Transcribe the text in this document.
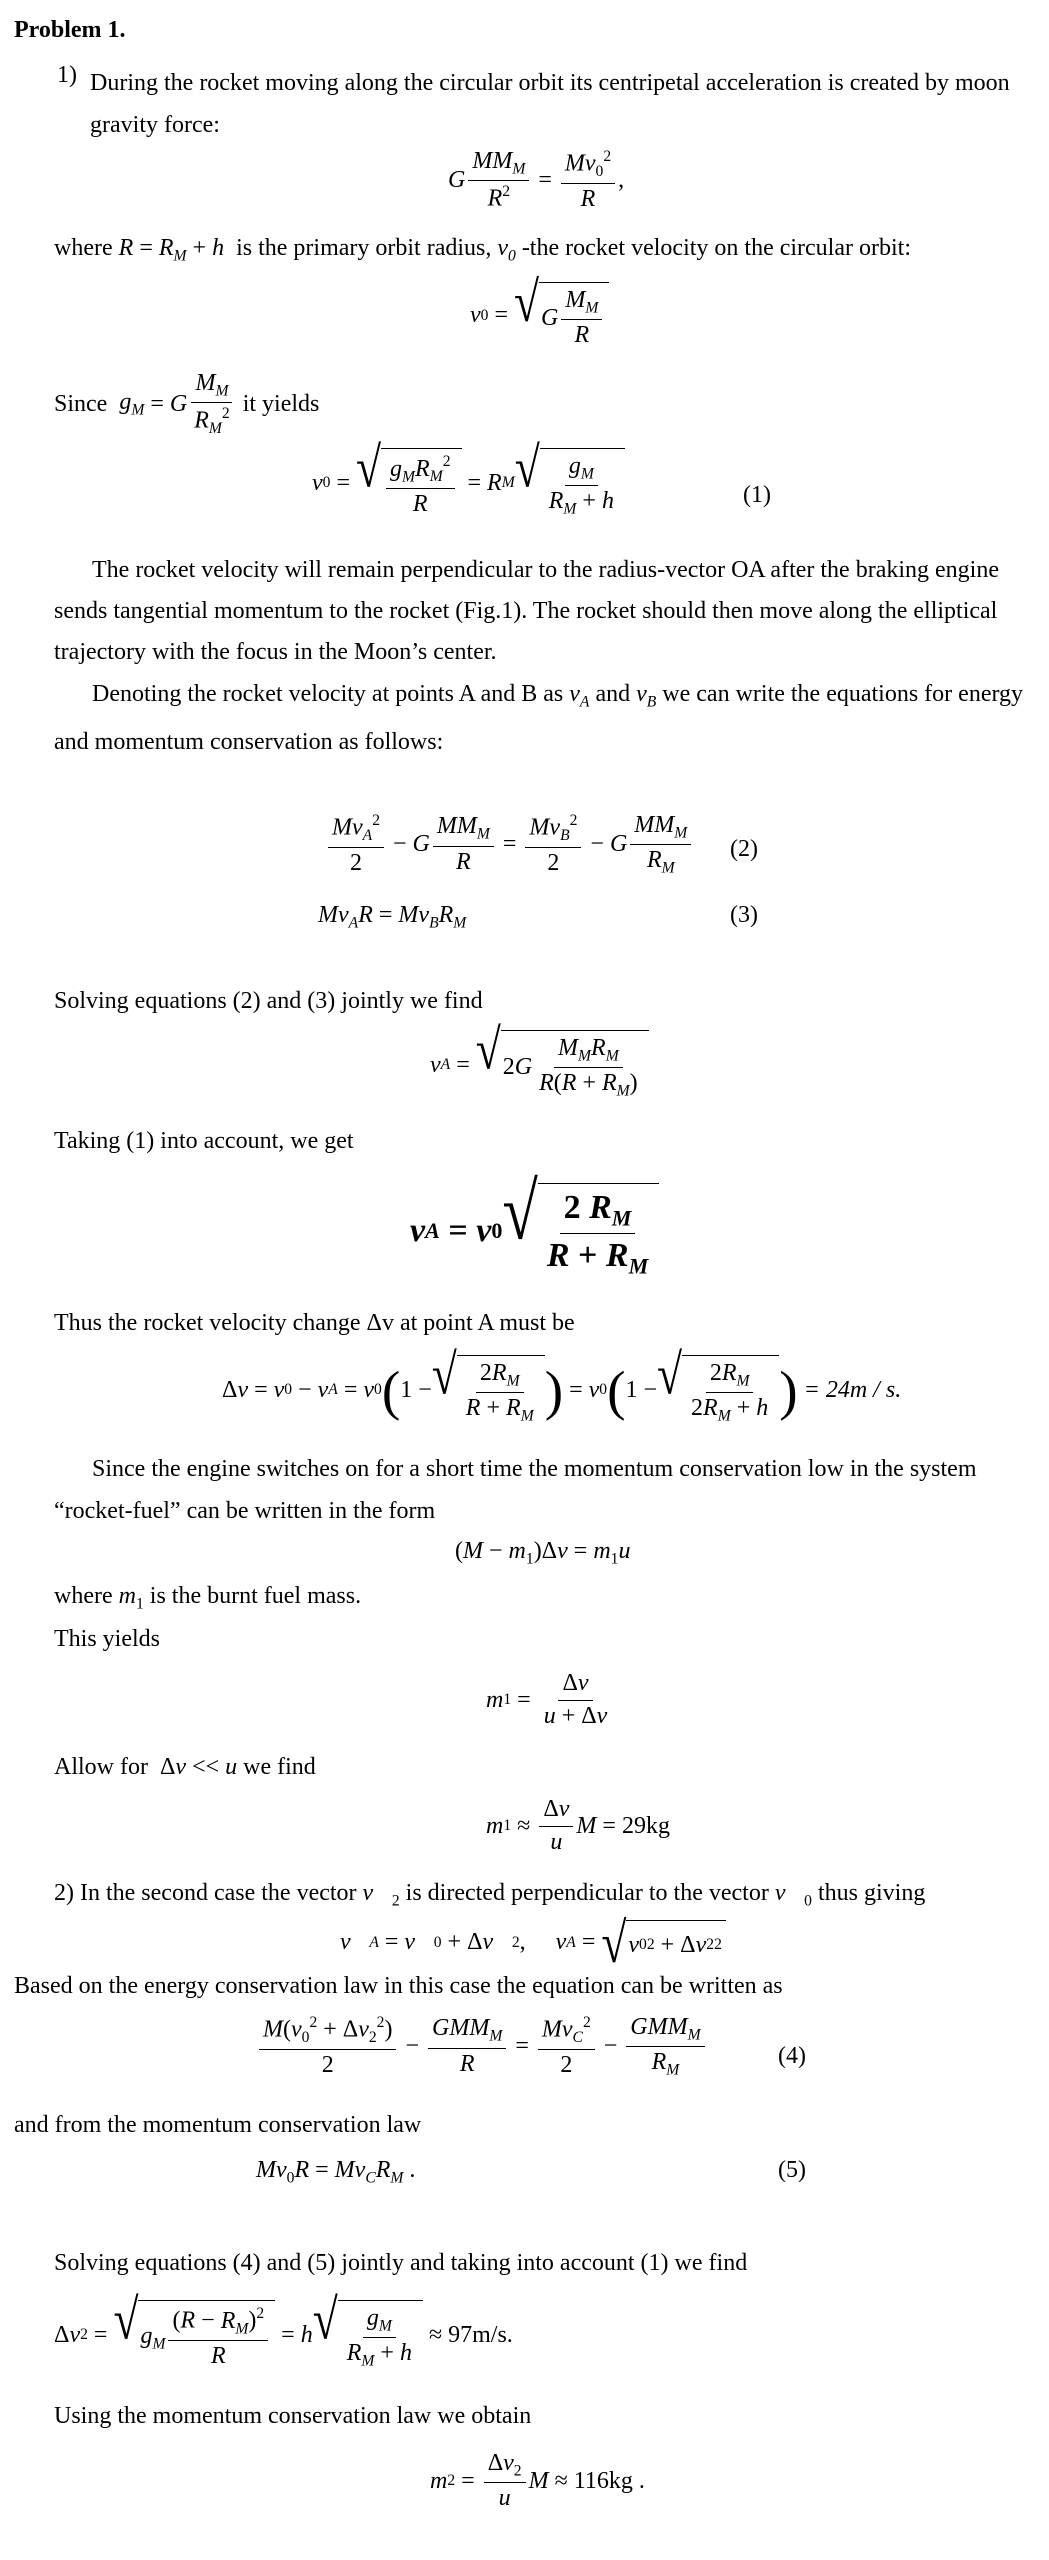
Problem 1.
1) During the rocket moving along the circular orbit its centripetal acceleration is created by moon gravity force:
G
$MM_M$
$R^2 = \frac{Mv_0^2}{R}$ ,
where $R = R_M + h$ is the primary orbit radius, $v_0$ -the rocket velocity on the circular orbit:
v 0 = √ G
$M_M$
R
Since
$g_M = G$
$M_M$
$R_M^2$
it yields
v 0 = √ $g_MR_M^2$
R
= R M √ $g_M$
$R_M + h$	(1)
The rocket velocity will remain perpendicular to the radius-vector OA after the braking engine sends tangential momentum to the rocket (Fig.1). The rocket should then move along the elliptical trajectory with the focus in the Moon’s center.
Denoting the rocket velocity at points A and B as $v_A$ and $v_B$ we can write the equations for energy and momentum conservation as follows:
$Mv_A^2$
2
− G
$MM_M$
R
=
$Mv_B^2$
2
− G
$MM_M$
$R_M$
(2)
$Mv_AR = Mv_BR_M$	(3)
Solving equations (2) and (3) jointly we find
v A = √ 2 G
$M_MR_M$
$R(R + R_M)$
Taking (1) into account, we get
v A = v 0 √ 2 $R_M$
$R + R_M$
Thus the rocket velocity change Δv at point A must be
Δ v = v 0 − v A = v 0 ( 1 − √ $2R_M$
$R + R_M$ ) = v 0 ( 1 − √ $2R_M$
$2R_M + h$ )
= 24m / s.
Since the engine switches on for a short time the momentum conservation low in the system “rocket-fuel” can be written in the form
$(M - m_1)\Delta v = m_1u$
where $m_1$ is the burnt fuel mass.
This yields
m 1 =
Δv
u + Δv
Allow for  Δv << u we find
m 1 ≈
Δv
u
M
= 29kg
2) In the second case the vector $v⃗_2$ is directed perpendicular to the vector $v⃗_0$ thus giving
v⃗ A = v⃗ 0 + Δ v⃗ 2 , v A = √ v 0 2 + Δ v 2 2
Based on the energy conservation law in this case the equation can be written as
$M(v_0^2 + \Delta v_2^2)$
2
−
$GMM_M$
R
=
$Mv_C^2$
2
−
$GMM_M$
$R_M$
(4)
and from the momentum conservation law
$Mv_0R = Mv_CR_M$ .	(5)
Solving equations (4) and (5) jointly and taking into account (1) we find
Δ v 2 = √ $g_M$
$(R - R_M)^2$
R
= h √ $g_M$
$R_M + h$

≈ 97m/s.
Using the momentum conservation law we obtain
m 2 =
$\Delta v_2$
u
M
≈ 116kg .
